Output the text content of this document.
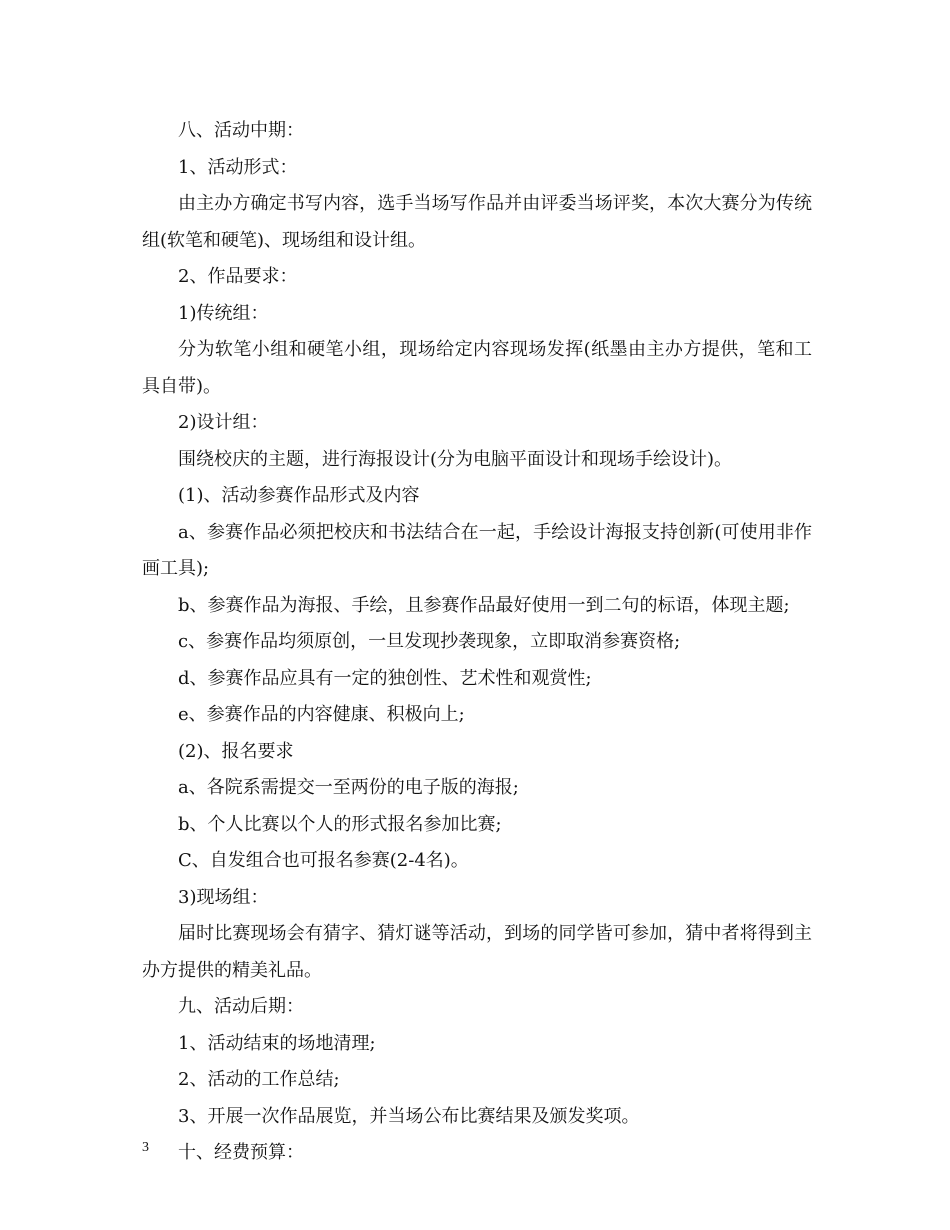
八、活动中期：

1、活动形式：

由主办方确定书写内容，选手当场写作品并由评委当场评奖，本次大赛分为传统组(软笔和硬笔)、现场组和设计组。

2、作品要求：

1)传统组：

分为软笔小组和硬笔小组，现场给定内容现场发挥(纸墨由主办方提供，笔和工具自带)。

2)设计组：

围绕校庆的主题，进行海报设计(分为电脑平面设计和现场手绘设计)。

(1)、活动参赛作品形式及内容

a、参赛作品必须把校庆和书法结合在一起，手绘设计海报支持创新(可使用非作画工具);

b、参赛作品为海报、手绘，且参赛作品最好使用一到二句的标语，体现主题;

c、参赛作品均须原创，一旦发现抄袭现象，立即取消参赛资格;

d、参赛作品应具有一定的独创性、艺术性和观赏性;

e、参赛作品的内容健康、积极向上;

(2)、报名要求

a、各院系需提交一至两份的电子版的海报;

b、个人比赛以个人的形式报名参加比赛;

C、自发组合也可报名参赛(2-4名)。

3)现场组：

届时比赛现场会有猜字、猜灯谜等活动，到场的同学皆可参加，猜中者将得到主办方提供的精美礼品。

九、活动后期：

1、活动结束的场地清理;

2、活动的工作总结;

3、开展一次作品展览，并当场公布比赛结果及颁发奖项。

十、经费预算：

3
